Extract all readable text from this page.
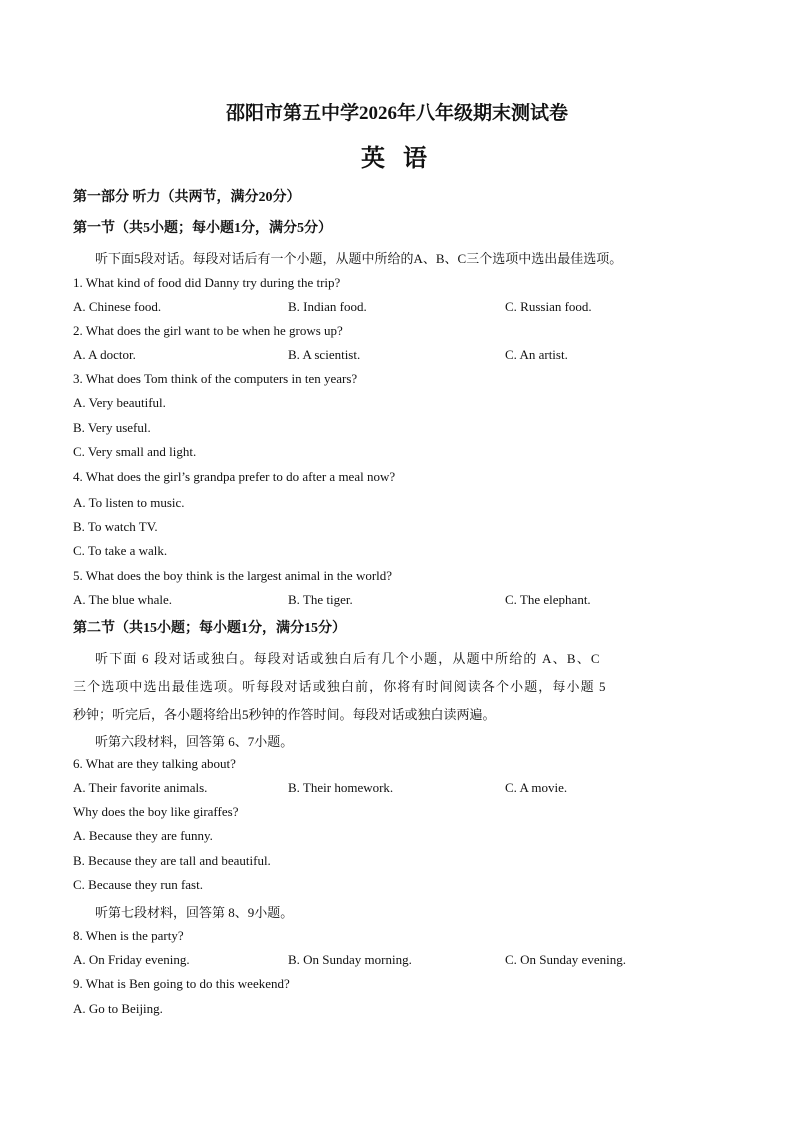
邵阳市第五中学2026年八年级期末测试卷
英 语
第一部分 听力（共两节，满分20分）
第一节（共5小题；每小题1分，满分5分）
听下面5段对话。每段对话后有一个小题，从题中所给的A、B、C三个选项中选出最佳选项。
1. What kind of food did Danny try during the trip?
A. Chinese food.	B. Indian food.	C. Russian food.
2. What does the girl want to be when he grows up?
A. A doctor.	B. A scientist.	C. An artist.
3. What does Tom think of the computers in ten years?
A. Very beautiful.
B. Very useful.
C. Very small and light.
4. What does the girl’s grandpa prefer to do after a meal now?
A. To listen to music.
B. To watch TV.
C. To take a walk.
5. What does the boy think is the largest animal in the world?
A. The blue whale.	B. The tiger.	C. The elephant.
第二节（共15小题；每小题1分，满分15分）
听下面 6 段对话或独白。每段对话或独白后有几个小题，从题中所给的 A、B、C
三个选项中选出最佳选项。听每段对话或独白前，你将有时间阅读各个小题，每小题 5
秒钟；听完后，各小题将给出5秒钟的作答时间。每段对话或独白读两遍。
听第六段材料，回答第 6、7小题。
6. What are they talking about?
A. Their favorite animals.	B. Their homework.	C. A movie.
Why does the boy like giraffes?
A. Because they are funny.
B. Because they are tall and beautiful.
C. Because they run fast.
听第七段材料，回答第 8、9小题。
8. When is the party?
A. On Friday evening.	B. On Sunday morning.	C. On Sunday evening.
9. What is Ben going to do this weekend?
A. Go to Beijing.
